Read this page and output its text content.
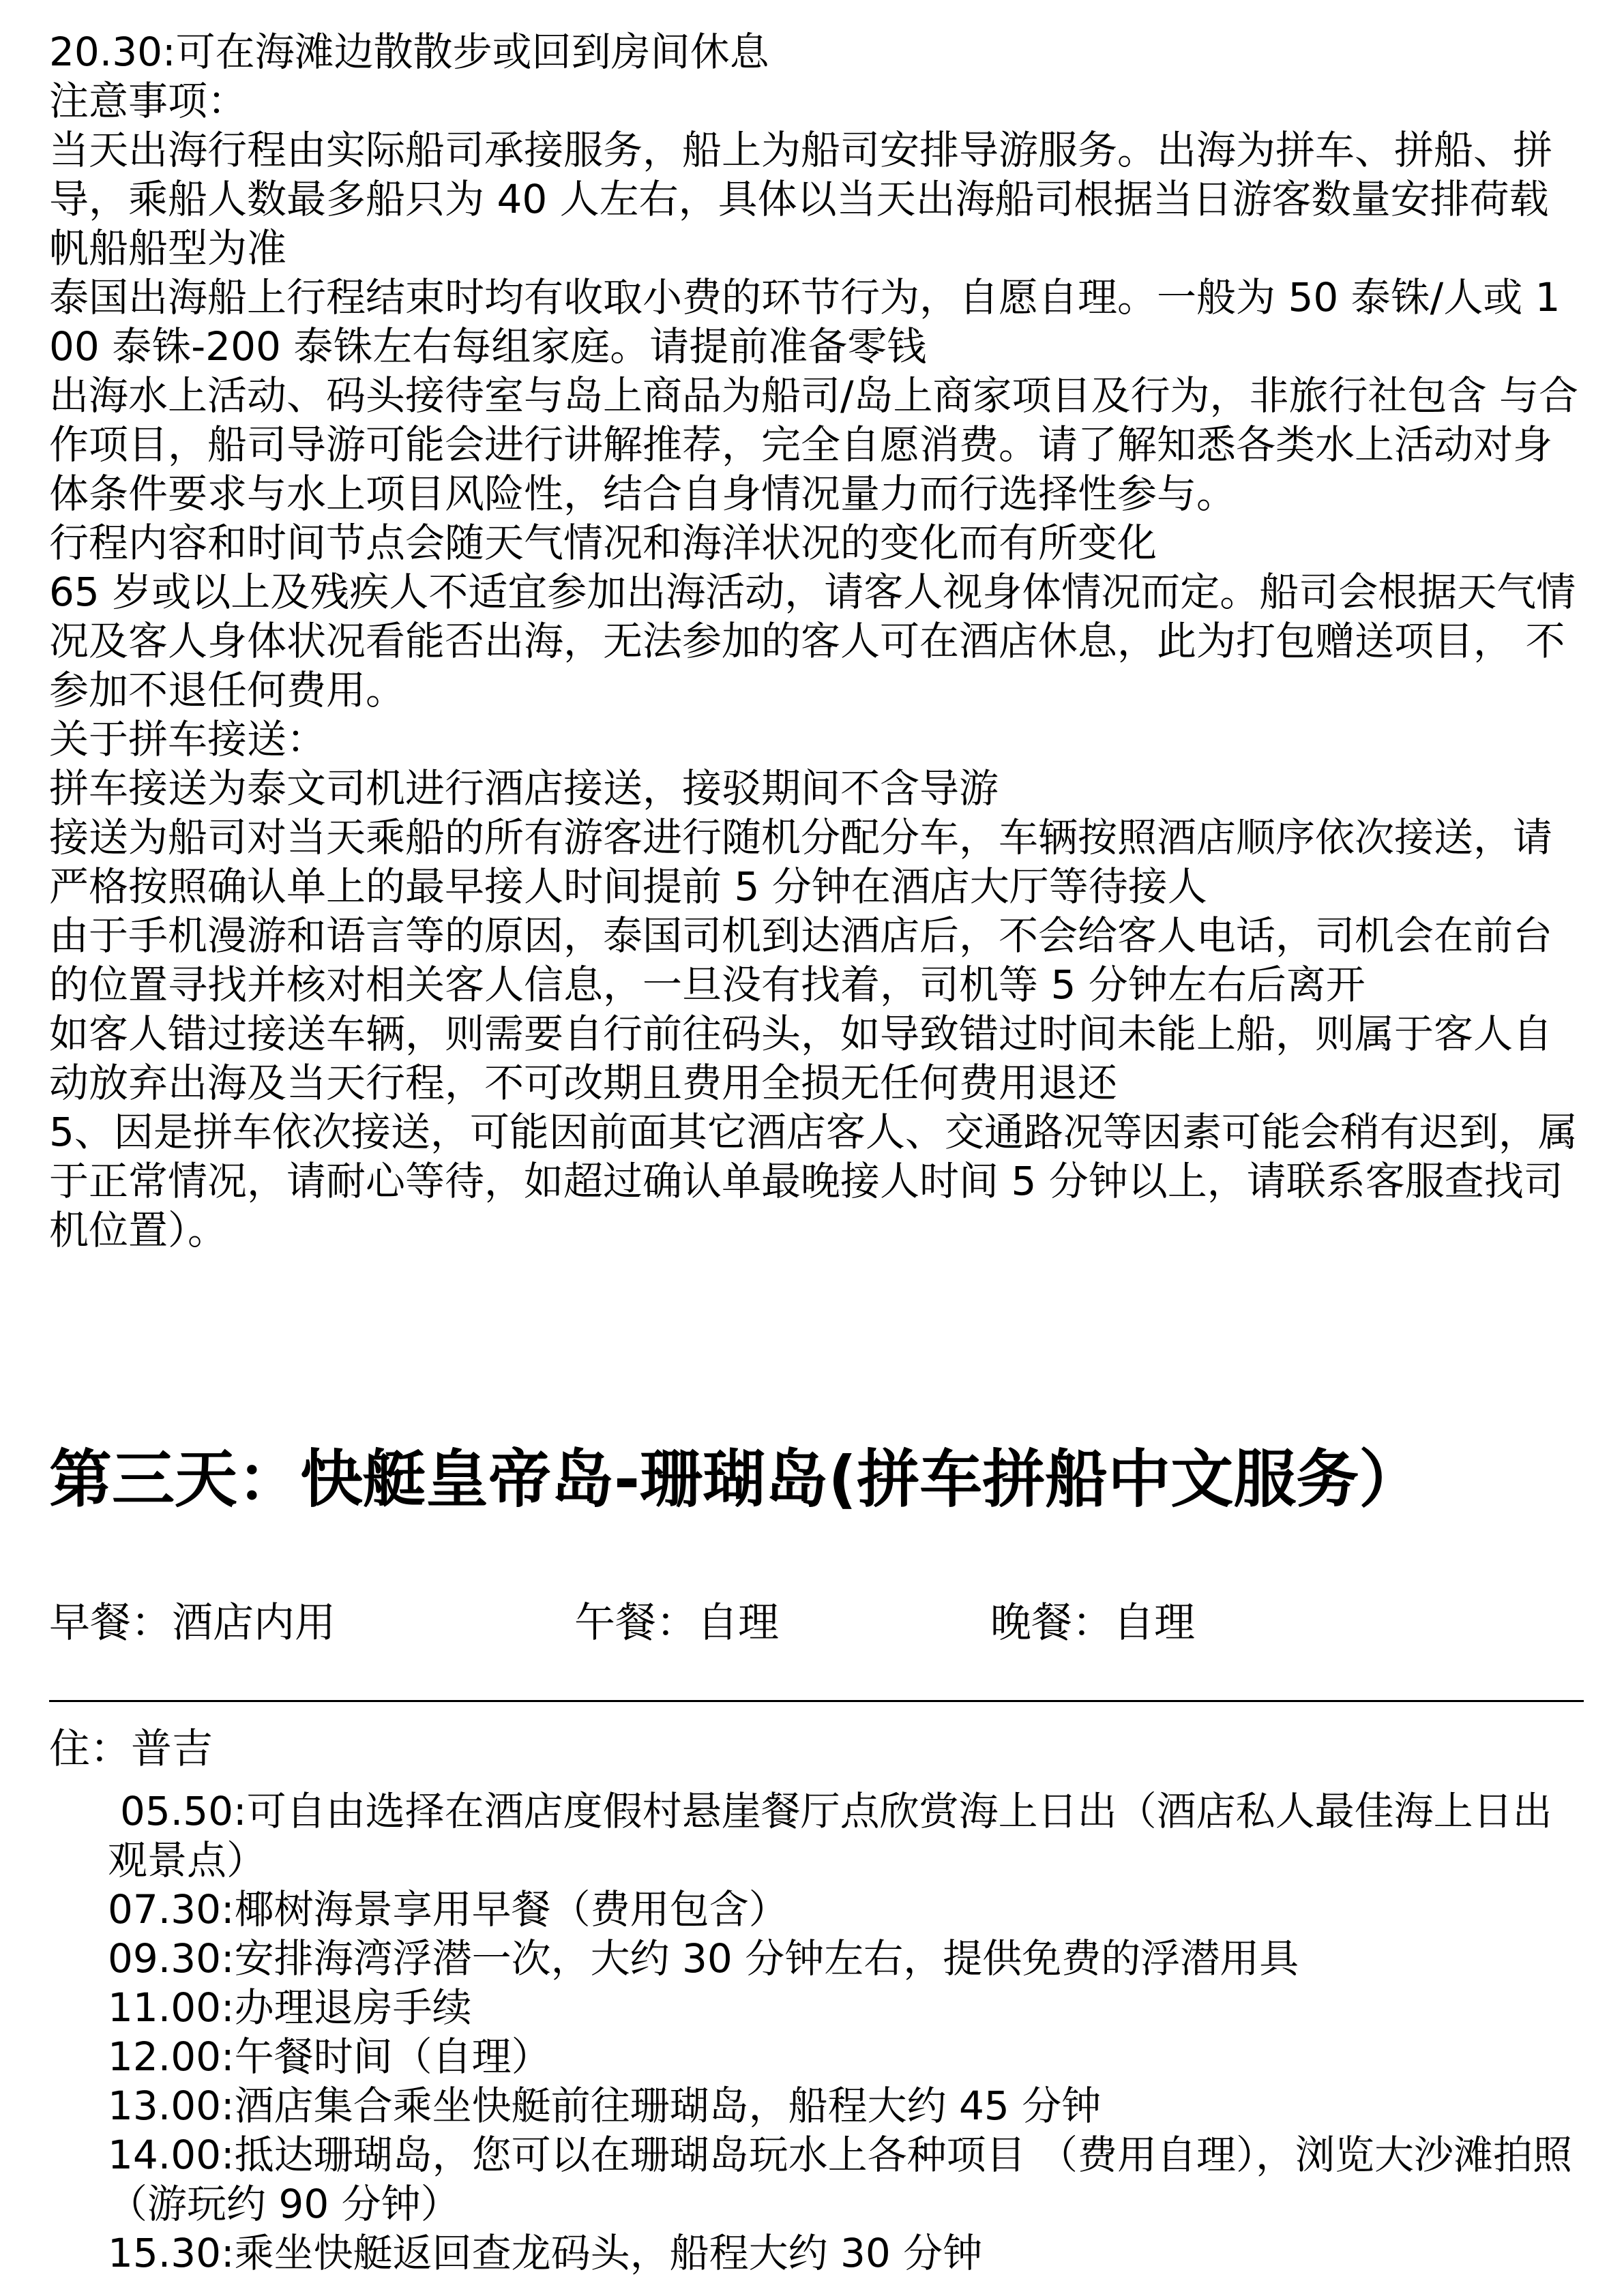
20.30:可在海滩边散散步或回到房间休息

注意事项：

当天出海行程由实际船司承接服务，船上为船司安排导游服务。出海为拼车、拼船、拼导，乘船人数最多船只为 40 人左右，具体以当天出海船司根据当日游客数量安排荷载帆船船型为准

泰国出海船上行程结束时均有收取小费的环节行为，自愿自理。一般为 50 泰铢/人或 100 泰铢-200 泰铢左右每组家庭。请提前准备零钱

出海水上活动、码头接待室与岛上商品为船司/岛上商家项目及行为，非旅行社包含 与合作项目，船司导游可能会进行讲解推荐，完全自愿消费。请了解知悉各类水上活动对身体条件要求与水上项目风险性，结合自身情况量力而行选择性参与。

行程内容和时间节点会随天气情况和海洋状况的变化而有所变化

65 岁或以上及残疾人不适宜参加出海活动，请客人视身体情况而定。船司会根据天气情况及客人身体状况看能否出海，无法参加的客人可在酒店休息，此为打包赠送项目， 不参加不退任何费用。

关于拼车接送：

拼车接送为泰文司机进行酒店接送，接驳期间不含导游

接送为船司对当天乘船的所有游客进行随机分配分车，车辆按照酒店顺序依次接送，请严格按照确认单上的最早接人时间提前 5 分钟在酒店大厅等待接人

由于手机漫游和语言等的原因，泰国司机到达酒店后，不会给客人电话，司机会在前台的位置寻找并核对相关客人信息，一旦没有找着，司机等 5 分钟左右后离开

如客人错过接送车辆，则需要自行前往码头，如导致错过时间未能上船，则属于客人自动放弃出海及当天行程，不可改期且费用全损无任何费用退还

5、因是拼车依次接送，可能因前面其它酒店客人、交通路况等因素可能会稍有迟到，属于正常情况，请耐心等待，如超过确认单最晚接人时间 5 分钟以上，请联系客服查找司机位置）。

第三天：快艇皇帝岛-珊瑚岛(拼车拼船中文服务）
早餐：酒店内用	午餐：自理	晚餐：自理
住：普吉

05.50:可自由选择在酒店度假村悬崖餐厅点欣赏海上日出（酒店私人最佳海上日出观景点）

07.30:椰树海景享用早餐（费用包含）

09.30:安排海湾浮潜一次，大约 30 分钟左右，提供免费的浮潜用具

11.00:办理退房手续

12.00:午餐时间（自理）

13.00:酒店集合乘坐快艇前往珊瑚岛，船程大约 45 分钟

14.00:抵达珊瑚岛，您可以在珊瑚岛玩水上各种项目 （费用自理），浏览大沙滩拍照（游玩约 90 分钟）

15.30:乘坐快艇返回查龙码头，船程大约 30 分钟
